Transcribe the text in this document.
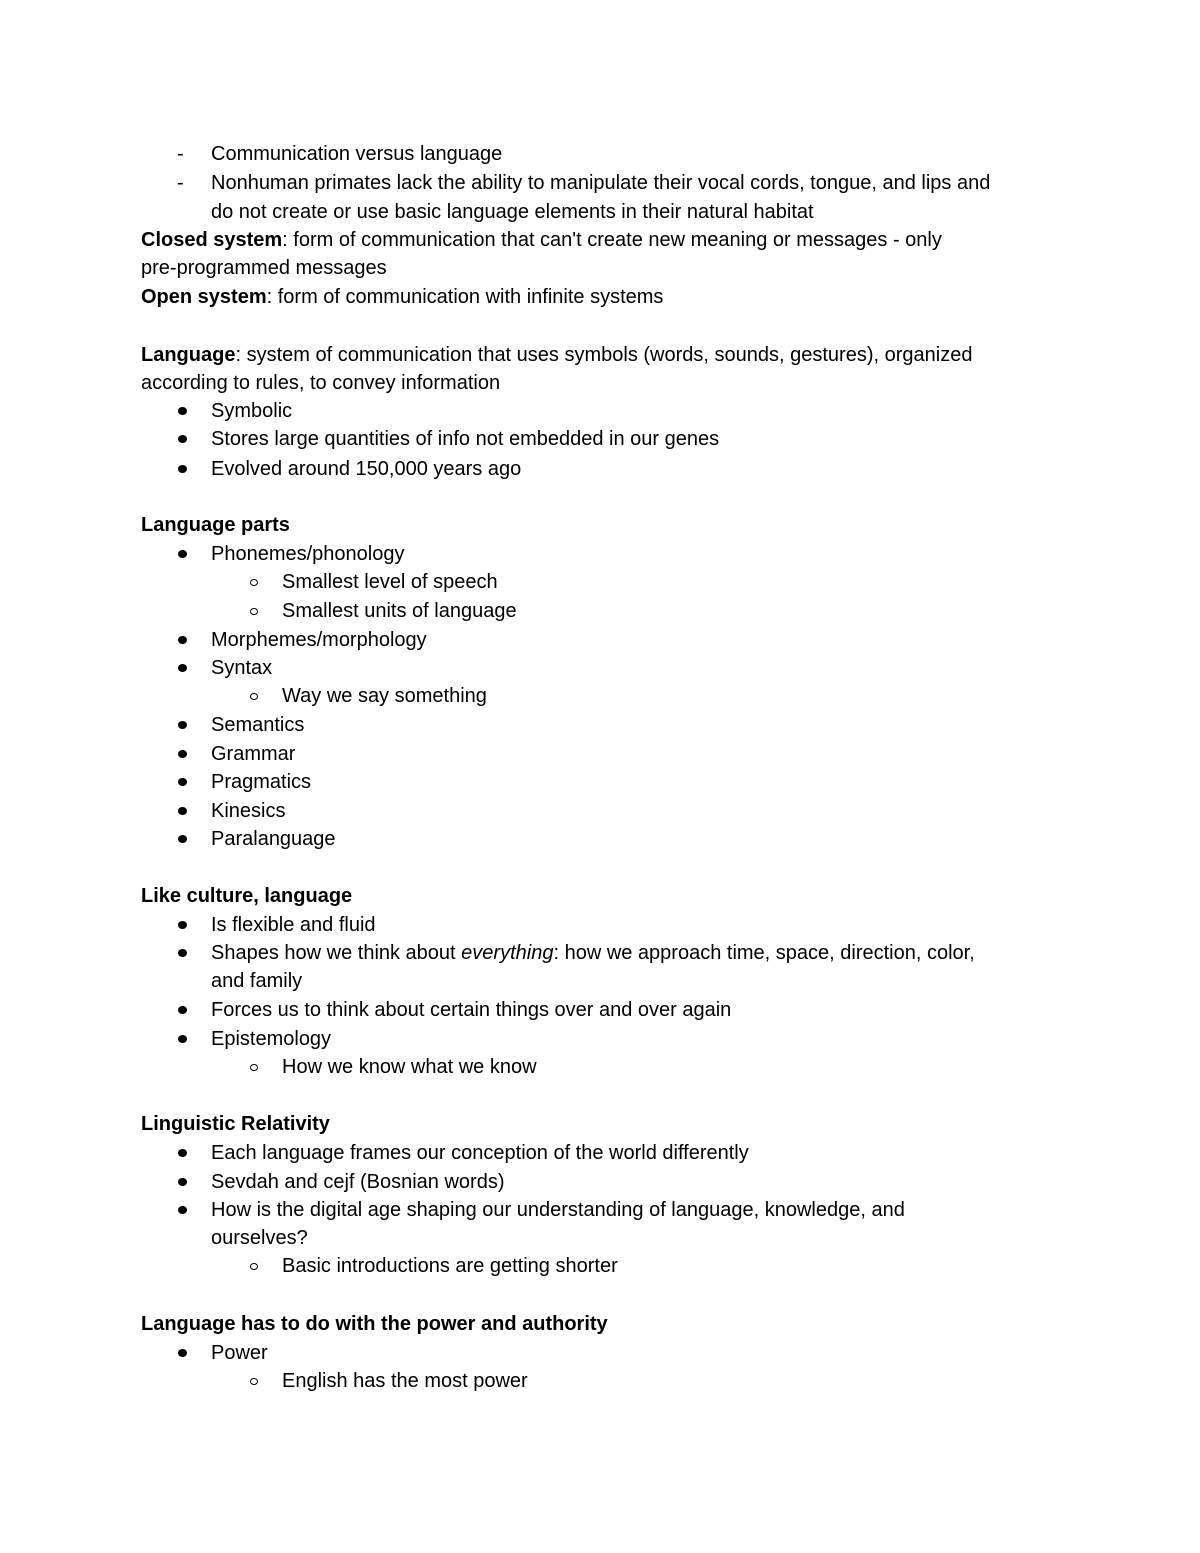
- Communication versus language
- Nonhuman primates lack the ability to manipulate their vocal cords, tongue, and lips and
do not create or use basic language elements in their natural habitat
Closed system: form of communication that can't create new meaning or messages - only
pre-programmed messages
Open system: form of communication with infinite systems
Language: system of communication that uses symbols (words, sounds, gestures), organized
according to rules, to convey information
Symbolic
Stores large quantities of info not embedded in our genes
Evolved around 150,000 years ago
Language parts
Phonemes/phonology
Smallest level of speech
Smallest units of language
Morphemes/morphology
Syntax
Way we say something
Semantics
Grammar
Pragmatics
Kinesics
Paralanguage
Like culture, language
Is flexible and fluid
Shapes how we think about everything: how we approach time, space, direction, color,
and family
Forces us to think about certain things over and over again
Epistemology
How we know what we know
Linguistic Relativity
Each language frames our conception of the world differently
Sevdah and cejf (Bosnian words)
How is the digital age shaping our understanding of language, knowledge, and
ourselves?
Basic introductions are getting shorter
Language has to do with the power and authority
Power
English has the most power
